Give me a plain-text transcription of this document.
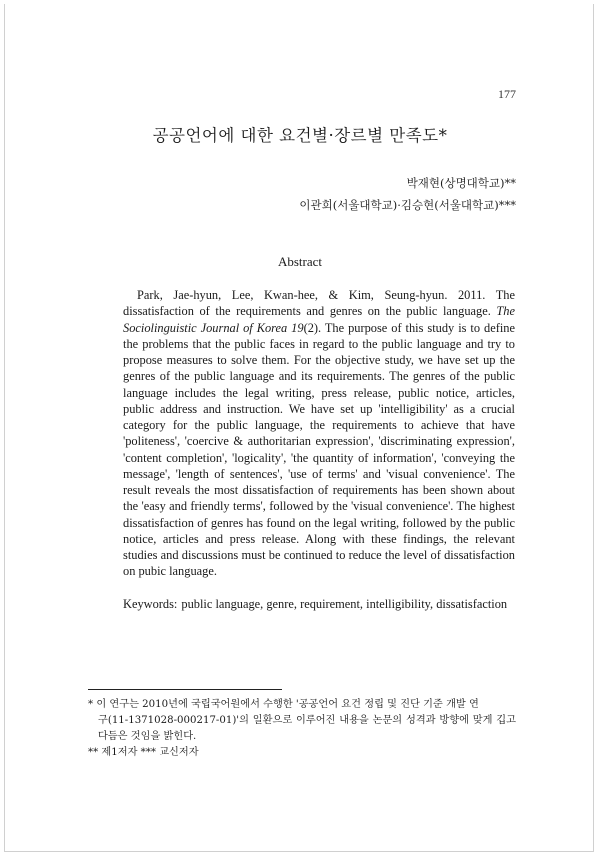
177
공공언어에 대한 요건별·장르별 만족도*
박재현(상명대학교)**
이관희(서울대학교)·김승현(서울대학교)***
Abstract

Park, Jae-hyun, Lee, Kwan-hee, & Kim, Seung-hyun. 2011. The dissatisfaction of the requirements and genres on the public language. The Sociolinguistic Journal of Korea 19(2). The purpose of this study is to define the problems that the public faces in regard to the public language and try to propose measures to solve them. For the objective study, we have set up the genres of the public language and its requirements. The genres of the public language includes the legal writing, press release, public notice, articles, public address and instruction. We have set up 'intelligibility' as a crucial category for the public language, the requirements to achieve that have 'politeness', 'coercive & authoritarian expression', 'discriminating expression', 'content completion', 'logicality', 'the quantity of information', 'conveying the message', 'length of sentences', 'use of terms' and 'visual convenience'. The result reveals the most dissatisfaction of requirements has been shown about the 'easy and friendly terms', followed by the 'visual convenience'. The highest dissatisfaction of genres has found on the legal writing, followed by the public notice, articles and press release. Along with these findings, the relevant studies and discussions must be continued to reduce the level of dissatisfaction on pubic language.

Keywords: public language, genre, requirement, intelligibility, dissatisfaction
* 이 연구는 2010년에 국립국어원에서 수행한 '공공언어 요건 정립 및 진단 기준 개발 연
구(11-1371028-000217-01)'의 일환으로 이루어진 내용을 논문의 성격과 방향에 맞게 깁고 다듬은 것임을 밝힌다.
** 제1저자 *** 교신저자
